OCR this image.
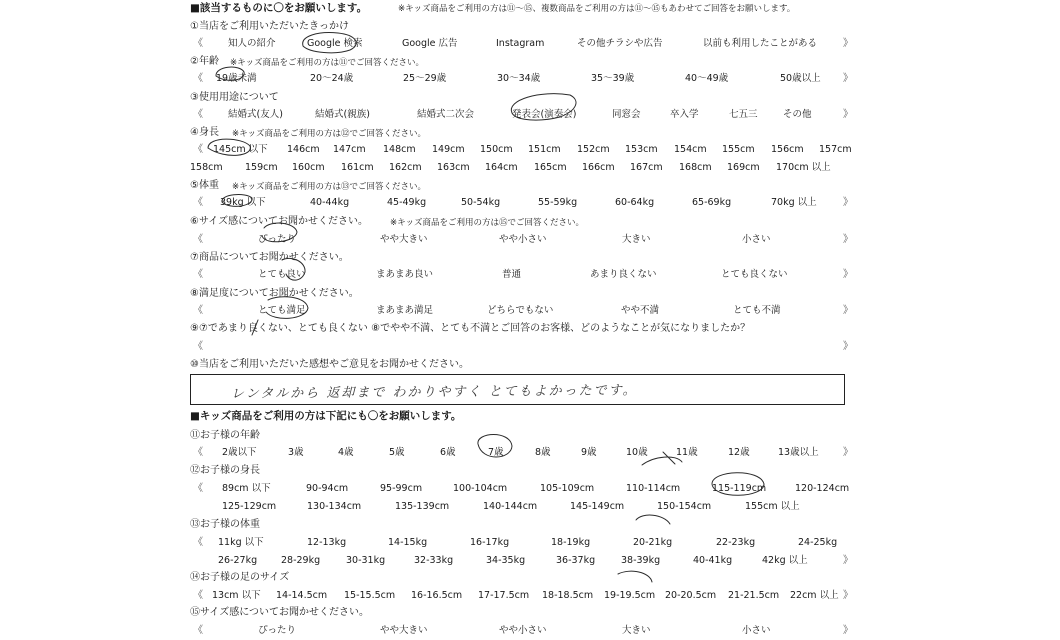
■該当するものに〇をお願いします。	※キッズ商品をご利用の方は⑪～⑮、複数商品をご利用の方は⑪～⑮もあわせてご回答をお願いします。
①当店をご利用いただいたきっかけ
《	知人の紹介	Google 検索	Google 広告	Instagram	その他チラシや広告	以前も利用したことがある	》
②年齢 ※キッズ商品をご利用の方は⑪でご回答ください。
《 19歳未満	20～24歳	25～29歳	30～34歳	35～39歳	40～49歳	50歳以上 》
③使用用途について
《	結婚式(友人)	結婚式(親族)	結婚式二次会	発表会(演奏会)	同窓会	卒入学	七五三	その他	》
④身長 ※キッズ商品をご利用の方は⑫でご回答ください。
《 145cm 以下 146cm 147cm 148cm 149cm 150cm 151cm 152cm 153cm 154cm 155cm 156cm 157cm
158cm 159cm 160cm 161cm 162cm 163cm 164cm 165cm 166cm 167cm 168cm 169cm 170cm 以上
⑤体重 ※キッズ商品をご利用の方は⑬でご回答ください。
《 39kg 以下	40-44kg	45-49kg	50-54kg	55-59kg	60-64kg	65-69kg	70kg 以上	》
⑥サイズ感についてお聞かせください。	※キッズ商品をご利用の方は⑮でご回答ください。
《	ぴったり	やや大きい	やや小さい	大きい	小さい	》
⑦商品についてお聞かせください。
《	とても良い	まあまあ良い	普通	あまり良くない	とても良くない	》
⑧満足度についてお聞かせください。
《	とても満足	まあまあ満足	どちらでもない	やや不満	とても不満	》
⑨⑦であまり良くない、とても良くない ⑧でやや不満、とても不満とご回答のお客様、どのようなことが気になりましたか？
《	》
⑩当店をご利用いただいた感想やご意見をお聞かせください。
レンタルから 返却まで わかりやすく とてもよかったです。
■キッズ商品をご利用の方は下記にも〇をお願いします。
⑪お子様の年齢
《 2歳以下	3歳	4歳	5歳	6歳	7歳	8歳	9歳	10歳	11歳	12歳	13歳以上 》
⑫お子様の身長
《 89cm 以下	90-94cm	95-99cm	100-104cm	105-109cm	110-114cm	115-119cm	120-124cm
125-129cm	130-134cm	135-139cm	140-144cm	145-149cm	150-154cm	155cm 以上
⑬お子様の体重
《 11kg 以下	12-13kg	14-15kg	16-17kg	18-19kg	20-21kg	22-23kg	24-25kg
26-27kg	28-29kg	30-31kg	32-33kg	34-35kg	36-37kg	38-39kg	40-41kg	42kg 以上	》
⑭お子様の足のサイズ
《 13cm 以下 14-14.5cm 15-15.5cm 16-16.5cm 17-17.5cm 18-18.5cm 19-19.5cm 20-20.5cm 21-21.5cm 22cm 以上 》
⑮サイズ感についてお聞かせください。
《	ぴったり	やや大きい	やや小さい	大きい	小さい	》
